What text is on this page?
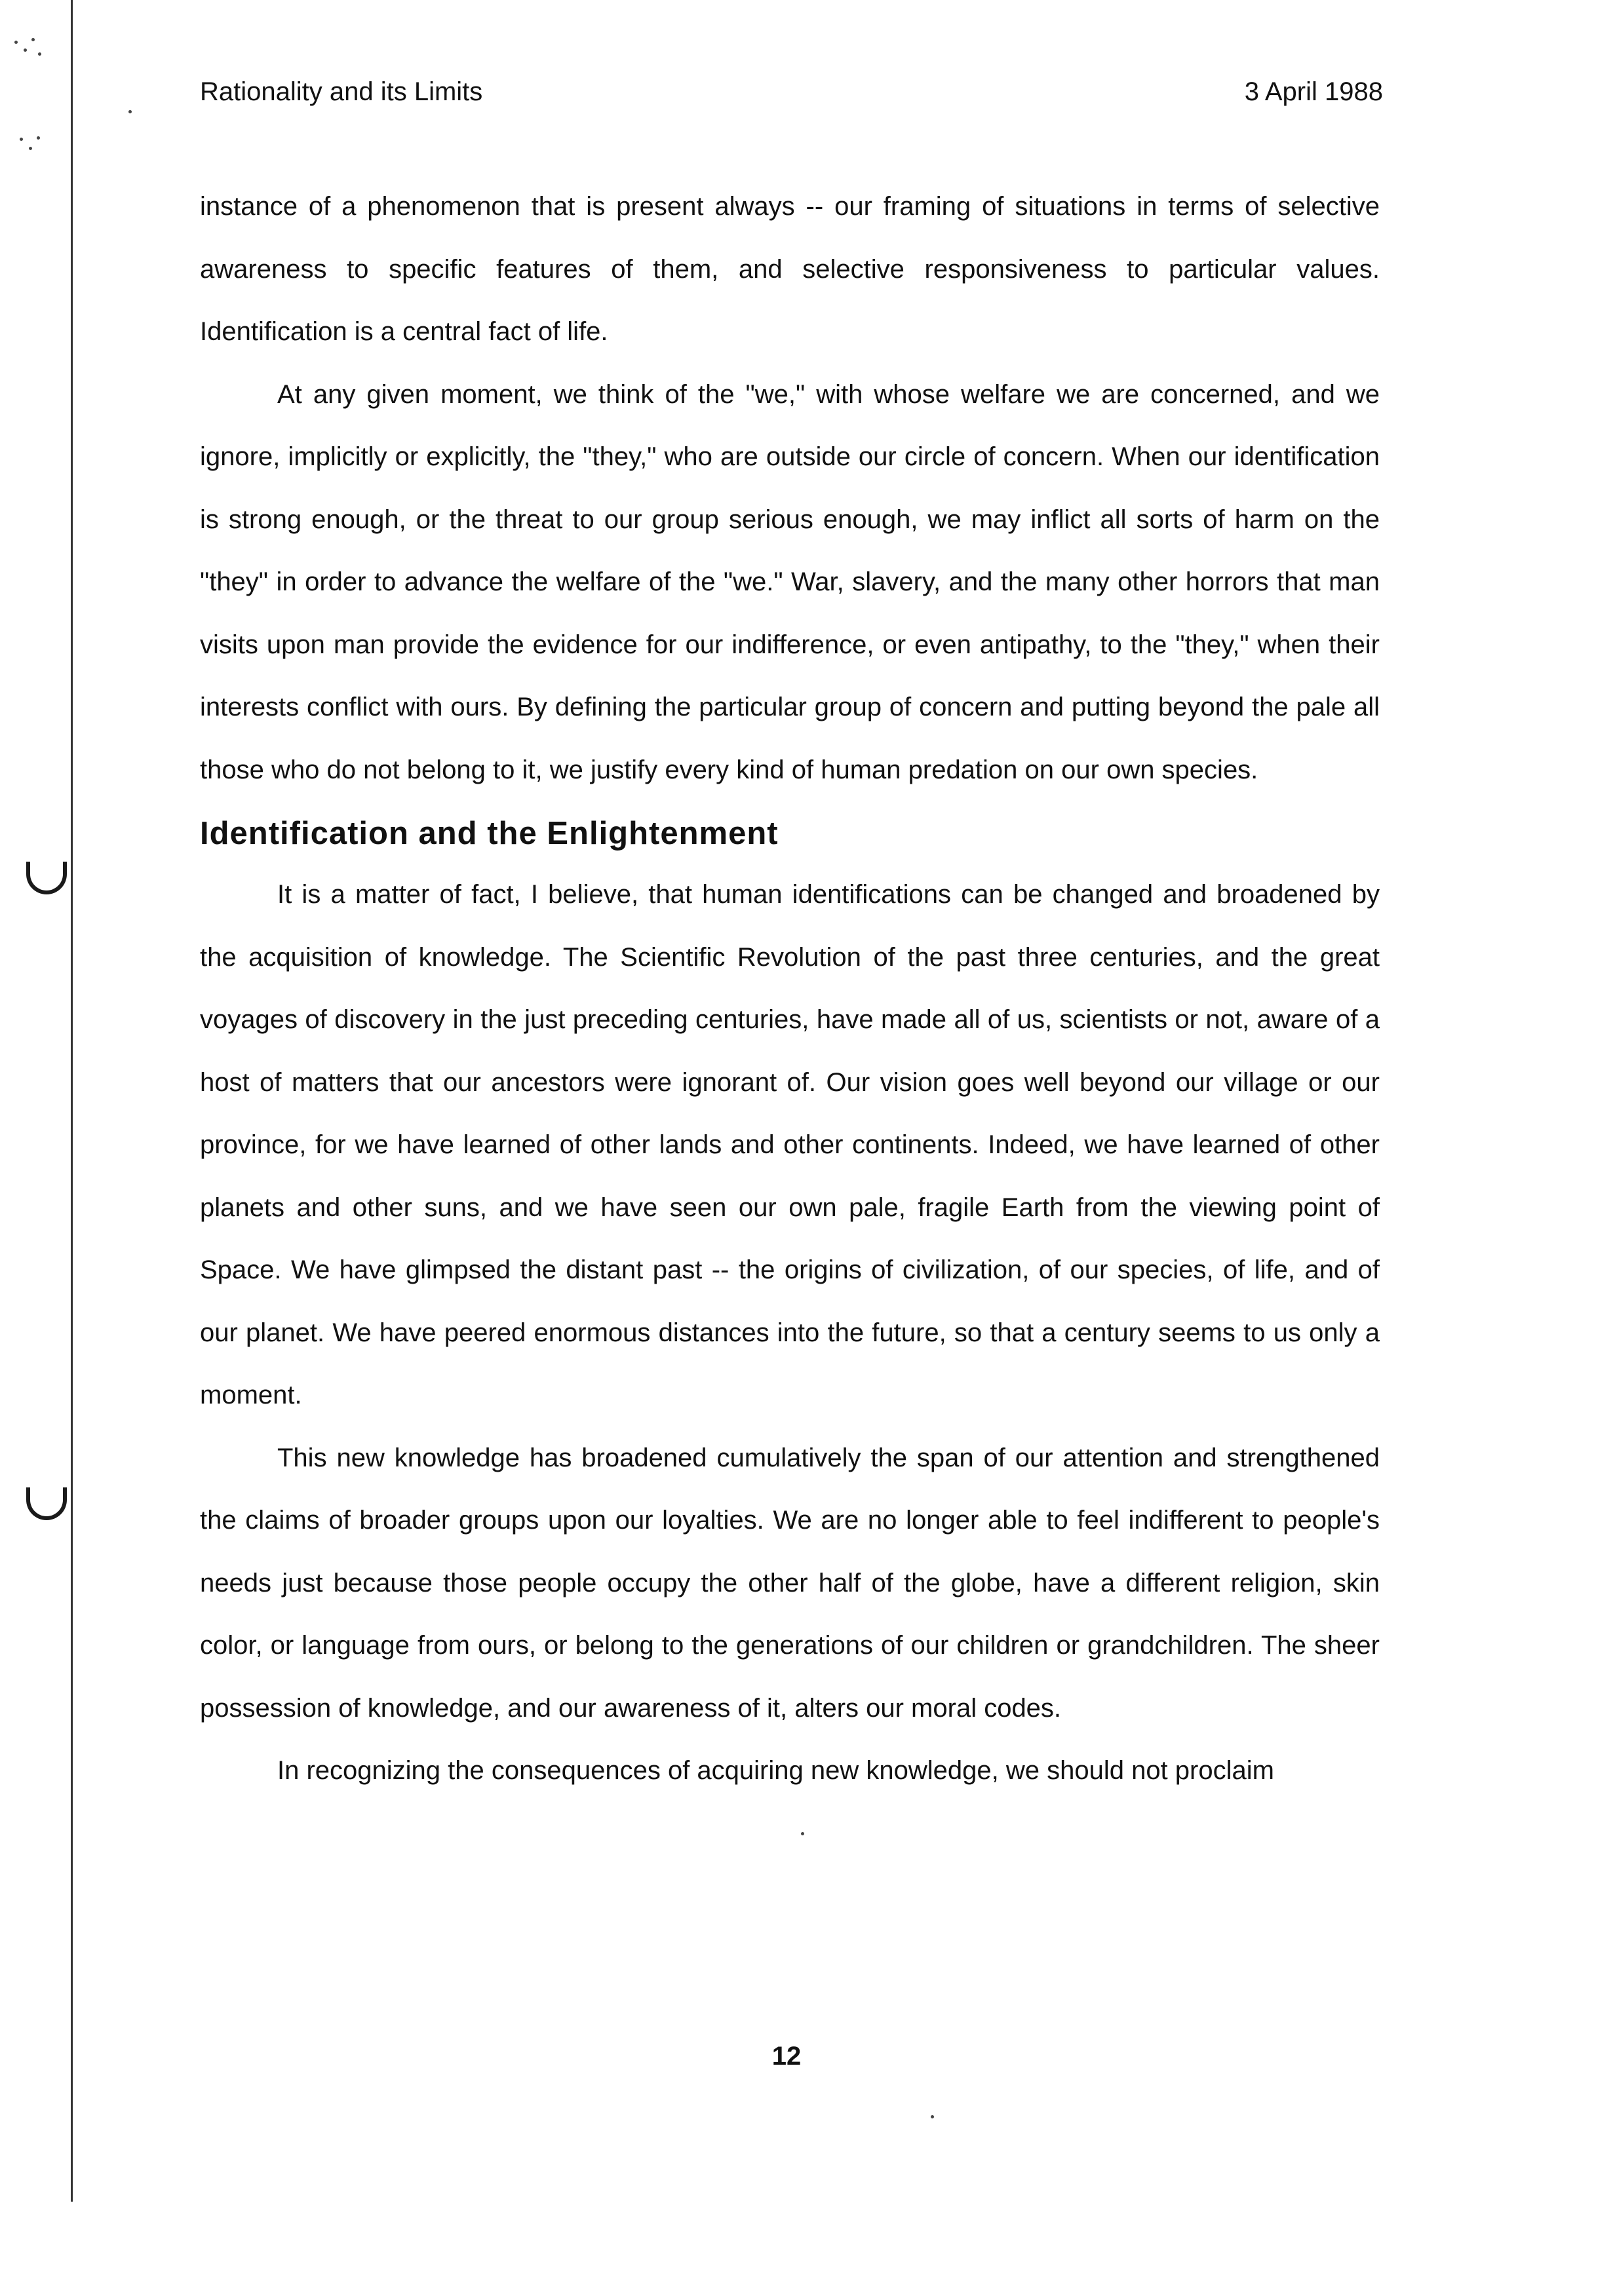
Rationality and its Limits	3 April 1988

instance of a phenomenon that is present always -- our framing of situations in terms of selective awareness to specific features of them, and selective responsiveness to particular values. Identification is a central fact of life.

At any given moment, we think of the "we," with whose welfare we are concerned, and we ignore, implicitly or explicitly, the "they," who are outside our circle of concern. When our identification is strong enough, or the threat to our group serious enough, we may inflict all sorts of harm on the "they" in order to advance the welfare of the "we." War, slavery, and the many other horrors that man visits upon man provide the evidence for our indifference, or even antipathy, to the "they," when their interests conflict with ours. By defining the particular group of concern and putting beyond the pale all those who do not belong to it, we justify every kind of human predation on our own species.

Identification and the Enlightenment

It is a matter of fact, I believe, that human identifications can be changed and broadened by the acquisition of knowledge. The Scientific Revolution of the past three centuries, and the great voyages of discovery in the just preceding centuries, have made all of us, scientists or not, aware of a host of matters that our ancestors were ignorant of. Our vision goes well beyond our village or our province, for we have learned of other lands and other continents. Indeed, we have learned of other planets and other suns, and we have seen our own pale, fragile Earth from the viewing point of Space. We have glimpsed the distant past -- the origins of civilization, of our species, of life, and of our planet. We have peered enormous distances into the future, so that a century seems to us only a moment.

This new knowledge has broadened cumulatively the span of our attention and strengthened the claims of broader groups upon our loyalties. We are no longer able to feel indifferent to people's needs just because those people occupy the other half of the globe, have a different religion, skin color, or language from ours, or belong to the generations of our children or grandchildren. The sheer possession of knowledge, and our awareness of it, alters our moral codes.

In recognizing the consequences of acquiring new knowledge, we should not proclaim

12
